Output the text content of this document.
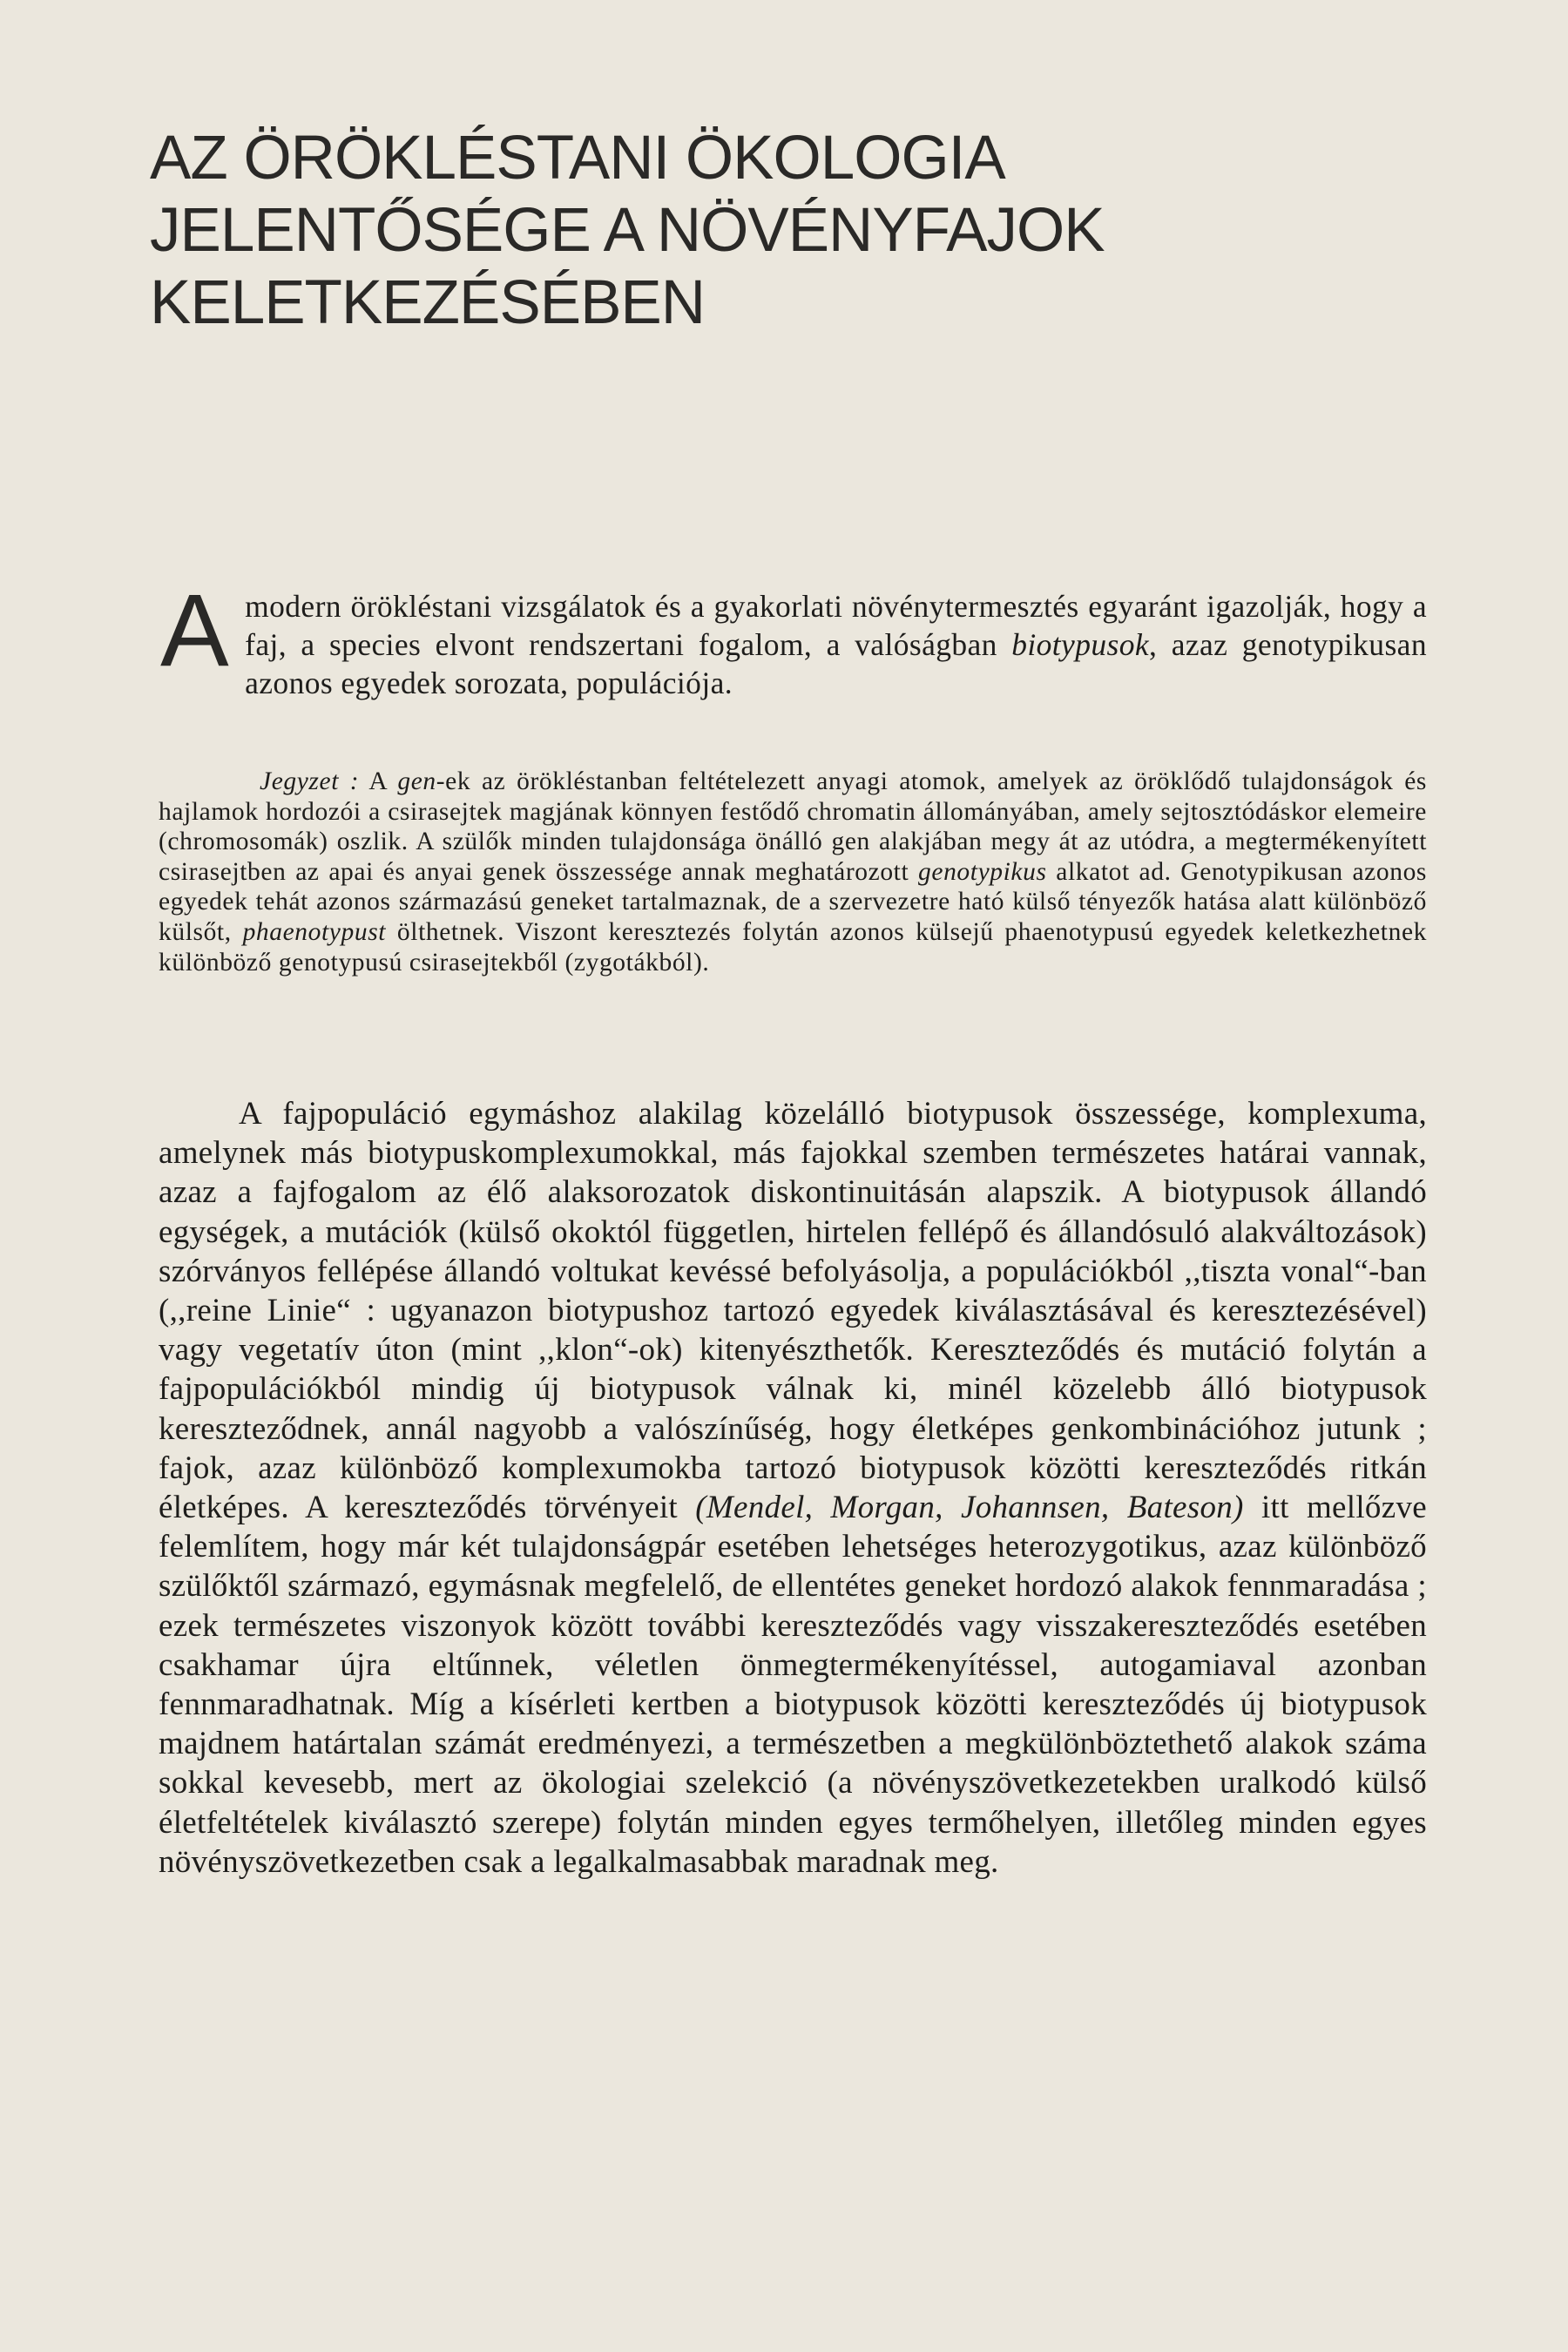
AZ ÖRÖKLÉSTANI ÖKOLOGIA
JELENTŐSÉGE A NÖVÉNYFAJOK
KELETKEZÉSÉBEN
A modern örökléstani vizsgálatok és a gyakorlati növénytermesztés egyaránt igazolják, hogy a faj, a species elvont rendszertani fogalom, a valóságban biotypusok, azaz genotypikusan azonos egyedek sorozata, populációja.

Jegyzet : A gen-ek az örökléstanban feltételezett anyagi atomok, amelyek az öröklődő tulajdonságok és hajlamok hordozói a csirasejtek magjának könnyen festődő chromatin állományában, amely sejtosztódáskor elemeire (chromosomák) oszlik. A szülők minden tulajdonsága önálló gen alakjában megy át az utódra, a megtermékenyített csirasejtben az apai és anyai genek összessége annak meghatározott genotypikus alkatot ad. Genotypikusan azonos egyedek tehát azonos származású geneket tartalmaznak, de a szervezetre ható külső tényezők hatása alatt különböző külsőt, phaenotypust ölthetnek. Viszont keresztezés folytán azonos külsejű phaenotypusú egyedek keletkezhetnek különböző genotypusú csirasejtekből (zygotákból).

A fajpopuláció egymáshoz alakilag közelálló biotypusok összessége, komplexuma, amelynek más biotypuskomplexumokkal, más fajokkal szemben természetes határai vannak, azaz a fajfogalom az élő alaksorozatok diskontinuitásán alapszik. A biotypusok állandó egységek, a mutációk (külső okoktól független, hirtelen fellépő és állandósuló alakváltozások) szórványos fellépése állandó voltukat kevéssé befolyásolja, a populációkból ,,tiszta vonal“-ban (,,reine Linie“ : ugyanazon biotypushoz tartozó egyedek kiválasztásával és keresztezésével) vagy vegetatív úton (mint ,,klon“-ok) kitenyészthetők. Kereszteződés és mutáció folytán a fajpopulációkból mindig új biotypusok válnak ki, minél közelebb álló biotypusok kereszteződnek, annál nagyobb a valószínűség, hogy életképes genkombinációhoz jutunk ; fajok, azaz különböző komplexumokba tartozó biotypusok közötti kereszteződés ritkán életképes. A kereszteződés törvényeit (Mendel, Morgan, Johannsen, Bateson) itt mellőzve felemlítem, hogy már két tulajdonságpár esetében lehetséges heterozygotikus, azaz különböző szülőktől származó, egymásnak megfelelő, de ellentétes geneket hordozó alakok fennmaradása ; ezek természetes viszonyok között további kereszteződés vagy visszakereszteződés esetében csakhamar újra eltűnnek, véletlen önmegtermékenyítéssel, autogamiaval azonban fennmaradhatnak. Míg a kísérleti kertben a biotypusok közötti kereszteződés új biotypusok majdnem határtalan számát eredményezi, a természetben a megkülönböztethető alakok száma sokkal kevesebb, mert az ökologiai szelekció (a növényszövetkezetekben uralkodó külső életfeltételek kiválasztó szerepe) folytán minden egyes termőhelyen, illetőleg minden egyes növényszövetkezetben csak a legalkalmasabbak maradnak meg.
